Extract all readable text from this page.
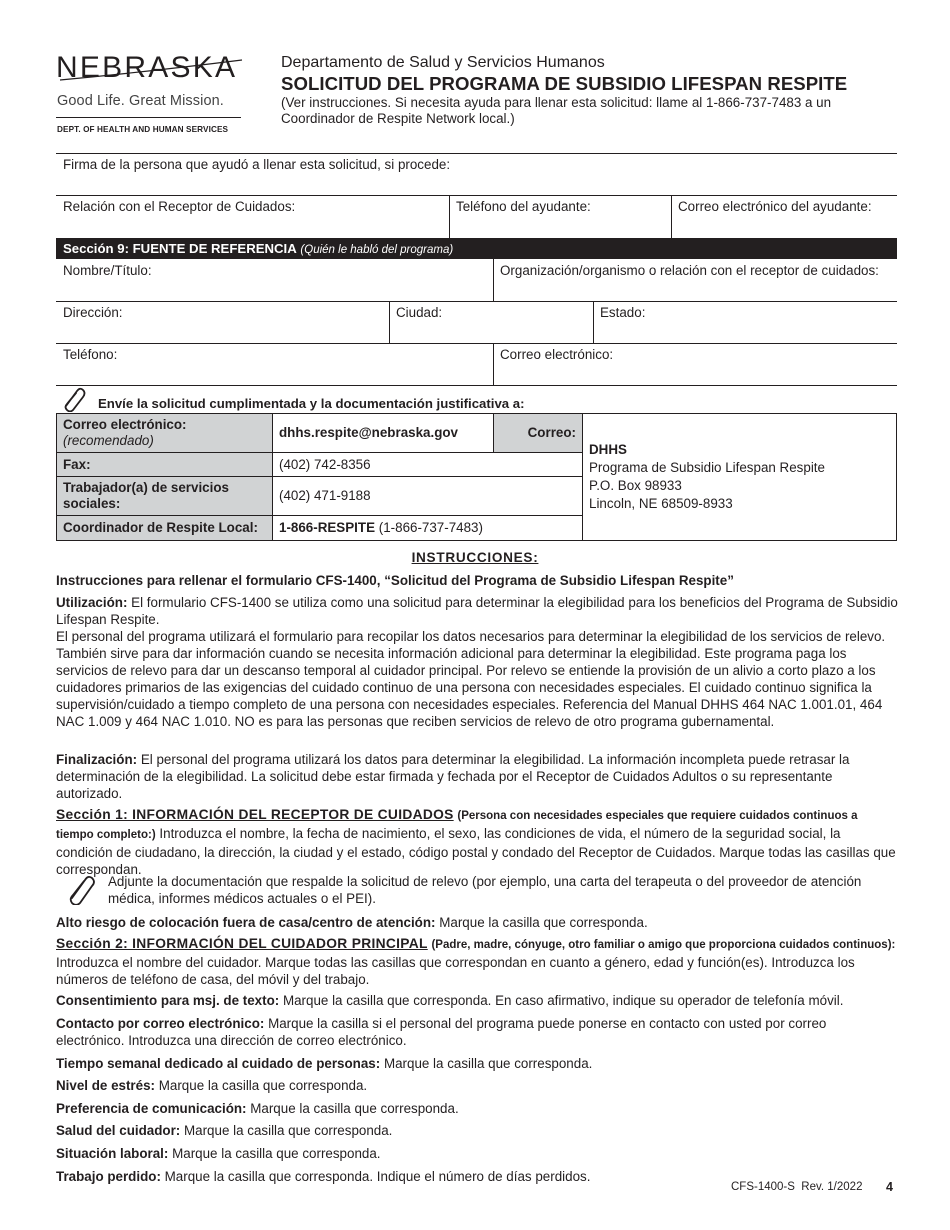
NEBRASKA
Good Life. Great Mission.
DEPT. OF HEALTH AND HUMAN SERVICES
Departamento de Salud y Servicios Humanos
SOLICITUD DEL PROGRAMA DE SUBSIDIO LIFESPAN RESPITE
(Ver instrucciones. Si necesita ayuda para llenar esta solicitud: llame al 1-866-737-7483 a un Coordinador de Respite Network local.)
Firma de la persona que ayudó a llenar esta solicitud, si procede:
Relación con el Receptor de Cuidados:	Teléfono del ayudante:	Correo electrónico del ayudante:
Sección 9: FUENTE DE REFERENCIA (Quién le habló del programa)
Nombre/Título:	Organización/organismo o relación con el receptor de cuidados:
Dirección:	Ciudad:	Estado:
Teléfono:	Correo electrónico:
Envíe la solicitud cumplimentada y la documentación justificativa a:
Correo electrónico:
(recomendado)	dhhs.respite@nebraska.gov	Correo:	DHHS
Programa de Subsidio Lifespan Respite
P.O. Box 98933
Lincoln, NE 68509-8933
Fax:	(402) 742-8356		
Trabajador(a) de servicios sociales:	(402) 471-9188		
Coordinador de Respite Local:	1-866-RESPITE (1-866-737-7483)		
INSTRUCCIONES:
Instrucciones para rellenar el formulario CFS-1400, “Solicitud del Programa de Subsidio Lifespan Respite”
Utilización: El formulario CFS-1400 se utiliza como una solicitud para determinar la elegibilidad para los beneficios del Programa de Subsidio Lifespan Respite.
El personal del programa utilizará el formulario para recopilar los datos necesarios para determinar la elegibilidad de los servicios de relevo. También sirve para dar información cuando se necesita información adicional para determinar la elegibilidad. Este programa paga los servicios de relevo para dar un descanso temporal al cuidador principal. Por relevo se entiende la provisión de un alivio a corto plazo a los cuidadores primarios de las exigencias del cuidado continuo de una persona con necesidades especiales. El cuidado continuo significa la supervisión/cuidado a tiempo completo de una persona con necesidades especiales. Referencia del Manual DHHS 464 NAC 1.001.01, 464 NAC 1.009 y 464 NAC 1.010. NO es para las personas que reciben servicios de relevo de otro programa gubernamental.
Finalización: El personal del programa utilizará los datos para determinar la elegibilidad. La información incompleta puede retrasar la determinación de la elegibilidad. La solicitud debe estar firmada y fechada por el Receptor de Cuidados Adultos o su representante autorizado.
Sección 1: INFORMACIÓN DEL RECEPTOR DE CUIDADOS (Persona con necesidades especiales que requiere cuidados continuos a tiempo completo:) Introduzca el nombre, la fecha de nacimiento, el sexo, las condiciones de vida, el número de la seguridad social, la condición de ciudadano, la dirección, la ciudad y el estado, código postal y condado del Receptor de Cuidados. Marque todas las casillas que correspondan.
Adjunte la documentación que respalde la solicitud de relevo (por ejemplo, una carta del terapeuta o del proveedor de atención médica, informes médicos actuales o el PEI).
Alto riesgo de colocación fuera de casa/centro de atención: Marque la casilla que corresponda.
Sección 2: INFORMACIÓN DEL CUIDADOR PRINCIPAL (Padre, madre, cónyuge, otro familiar o amigo que proporciona cuidados continuos): Introduzca el nombre del cuidador. Marque todas las casillas que correspondan en cuanto a género, edad y función(es). Introduzca los números de teléfono de casa, del móvil y del trabajo.
Consentimiento para msj. de texto: Marque la casilla que corresponda. En caso afirmativo, indique su operador de telefonía móvil.
Contacto por correo electrónico: Marque la casilla si el personal del programa puede ponerse en contacto con usted por correo electrónico. Introduzca una dirección de correo electrónico.
Tiempo semanal dedicado al cuidado de personas: Marque la casilla que corresponda.
Nivel de estrés: Marque la casilla que corresponda.
Preferencia de comunicación: Marque la casilla que corresponda.
Salud del cuidador: Marque la casilla que corresponda.
Situación laboral: Marque la casilla que corresponda.
Trabajo perdido: Marque la casilla que corresponda. Indique el número de días perdidos.
CFS-1400-S  Rev. 1/2022 4
